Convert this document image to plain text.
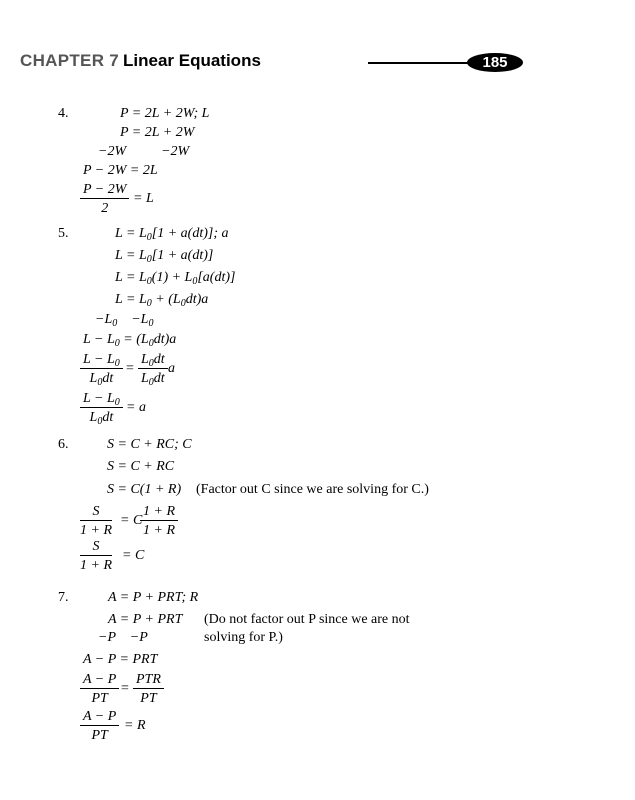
CHAPTER 7 Linear Equations	185
4.	P = 2L + 2W; L
P = 2L + 2W
−2W          −2W
P − 2W = 2L
$\frac{P - 2W}{2} = L$
5.	$L = L_0[1 + a(dt)]$; a
$L = L_0[1 + a(dt)]$
$L = L_0(1) + L_0[a(dt)]$
$L = L_0 + (L_0dt)a$
$-L_0$    $-L_0$
$L - L_0 = (L_0dt)a$
$\frac{L - L_0}{L_0dt} = \frac{L_0dt}{L_0dt}$ a
$\frac{L - L_0}{L_0dt} = a$
6.	S = C + RC; C
S = C + RC
S = C(1 + R) (Factor out C since we are solving for C.)
$\frac{S}{1 + R} = C$
$\frac{1 + R}{1 + R}$
$\frac{S}{1 + R} = C$
7.	A = P + PRT; R
A = P + PRT (Do not factor out P since we are not
−P    −P	solving for P.)
A − P = PRT
$\frac{A - P}{PT}$ =
PTR
PT
$\frac{A - P}{PT} = R$
